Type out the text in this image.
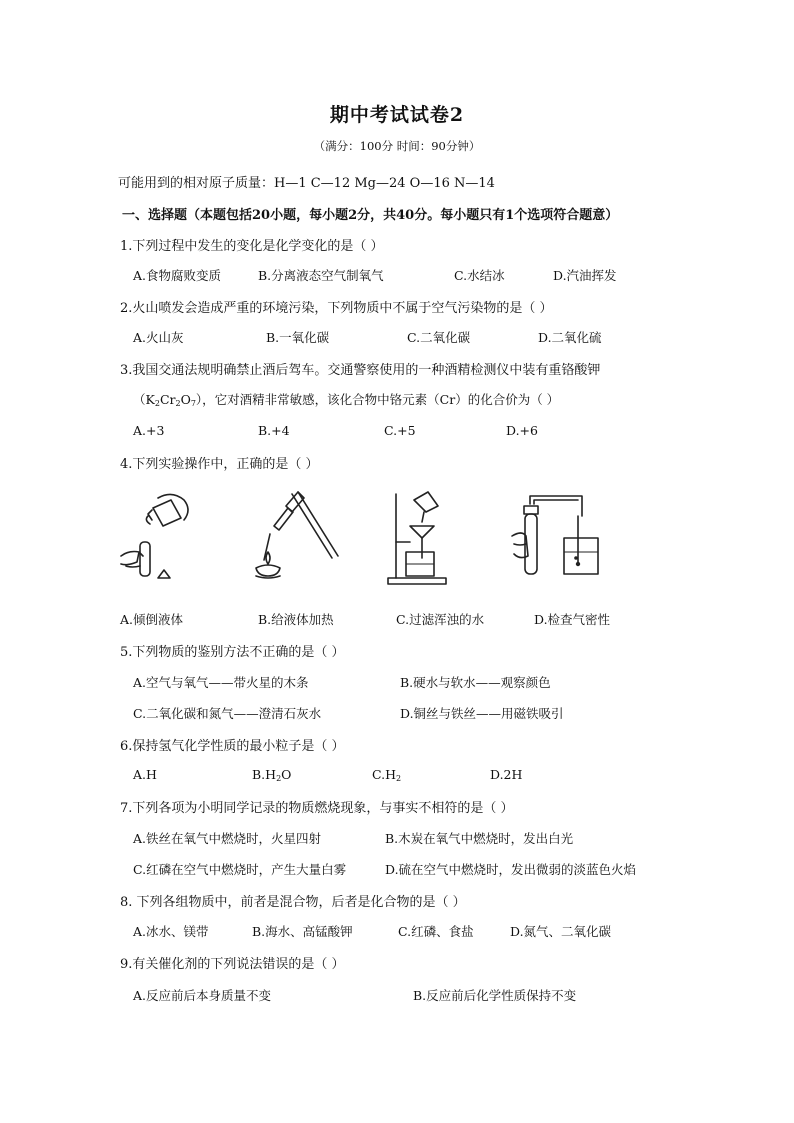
期中考试试卷2
（满分：100分 时间：90分钟）
可能用到的相对原子质量：H—1 C—12 Mg—24 O—16 N—14
一、选择题（本题包括20小题，每小题2分，共40分。每小题只有1个选项符合题意）
1.下列过程中发生的变化是化学变化的是（ ）
A.食物腐败变质	B.分离液态空气制氧气	C.水结冰	D.汽油挥发
2.火山喷发会造成严重的环境污染，下列物质中不属于空气污染物的是（ ）
A.火山灰	B.一氧化碳	C.二氧化碳	D.二氧化硫
3.我国交通法规明确禁止酒后驾车。交通警察使用的一种酒精检测仪中装有重铬酸钾
$(K_2Cr_2O_7)$，它对酒精非常敏感，该化合物中铬元素（Cr）的化合价为（ ）
A.+3	B.+4	C.+5	D.+6
4.下列实验操作中，正确的是（ ）
A.倾倒液体	B.给液体加热	C.过滤浑浊的水	D.检查气密性
5.下列物质的鉴别方法不正确的是（ ）
A.空气与氧气——带火星的木条	B.硬水与软水——观察颜色
C.二氧化碳和氮气——澄清石灰水	D.铜丝与铁丝——用磁铁吸引
6.保持氢气化学性质的最小粒子是（ ）
A.H	$B.H_2O$	$C.H_2$	D.2H
7.下列各项为小明同学记录的物质燃烧现象，与事实不相符的是（ ）
A.铁丝在氧气中燃烧时，火星四射	B.木炭在氧气中燃烧时，发出白光
C.红磷在空气中燃烧时，产生大量白雾	D.硫在空气中燃烧时，发出微弱的淡蓝色火焰
8. 下列各组物质中，前者是混合物，后者是化合物的是（ ）
A.冰水、镁带	B.海水、高锰酸钾	C.红磷、食盐	D.氮气、二氧化碳
9.有关催化剂的下列说法错误的是（ ）
A.反应前后本身质量不变	B.反应前后化学性质保持不变
